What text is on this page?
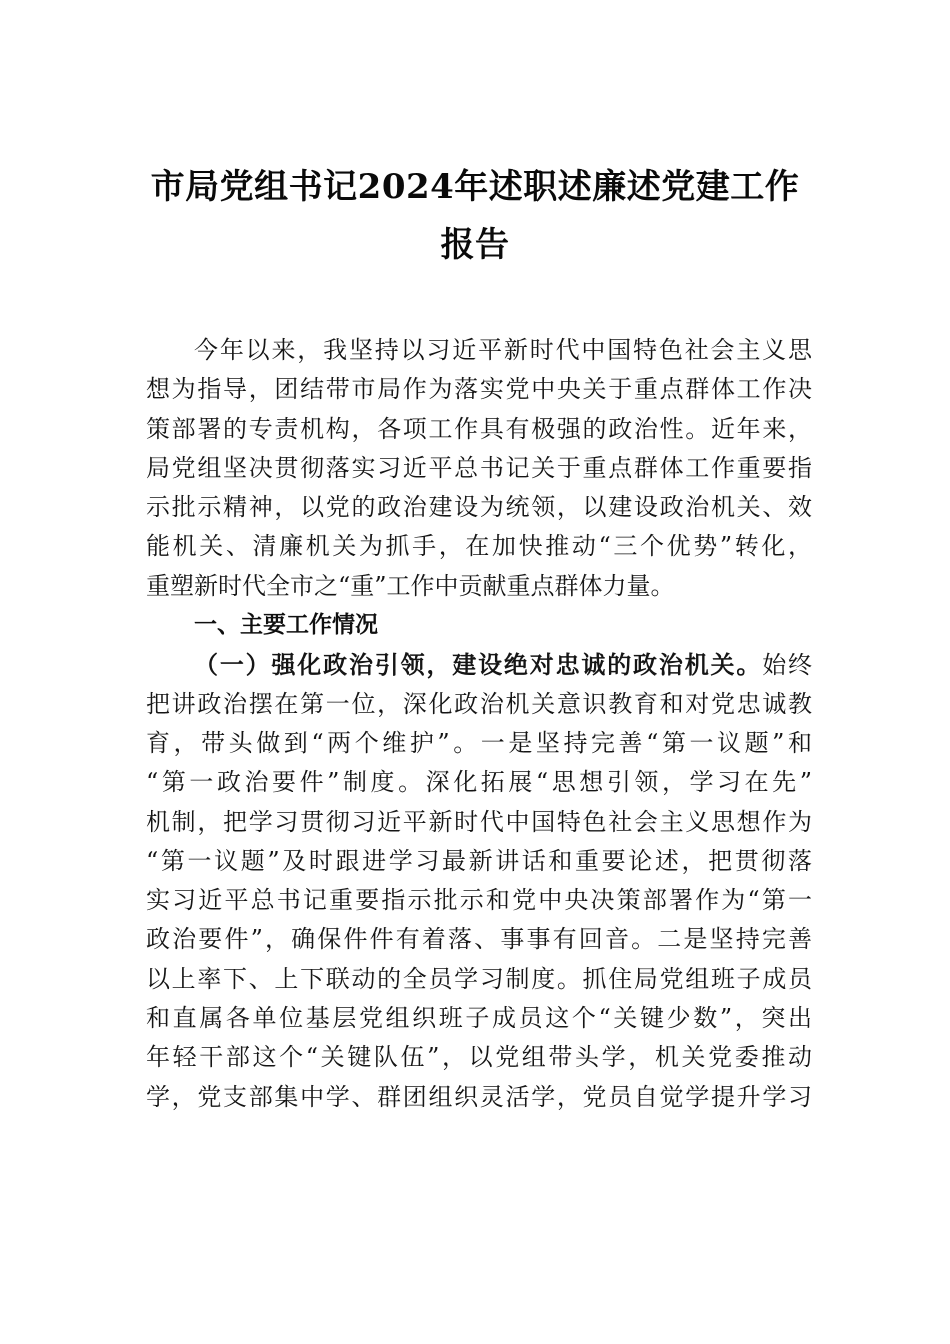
市局党组书记2024年述职述廉述党建工作
报告
今年以来，我坚持以习近平新时代中国特色社会主义思
想为指导，团结带市局作为落实党中央关于重点群体工作决
策部署的专责机构，各项工作具有极强的政治性。近年来，
局党组坚决贯彻落实习近平总书记关于重点群体工作重要指
示批示精神，以党的政治建设为统领，以建设政治机关、效
能机关、清廉机关为抓手，在加快推动“三个优势”转化，
重塑新时代全市之“重”工作中贡献重点群体力量。
一、主要工作情况
（一）强化政治引领，建设绝对忠诚的政治机关。始终
把讲政治摆在第一位，深化政治机关意识教育和对党忠诚教
育，带头做到“两个维护”。一是坚持完善“第一议题”和
“第一政治要件”制度。深化拓展“思想引领，学习在先”
机制，把学习贯彻习近平新时代中国特色社会主义思想作为
“第一议题”及时跟进学习最新讲话和重要论述，把贯彻落
实习近平总书记重要指示批示和党中央决策部署作为“第一
政治要件”，确保件件有着落、事事有回音。二是坚持完善
以上率下、上下联动的全员学习制度。抓住局党组班子成员
和直属各单位基层党组织班子成员这个“关键少数”，突出
年轻干部这个“关键队伍”，以党组带头学，机关党委推动
学，党支部集中学、群团组织灵活学，党员自觉学提升学习
